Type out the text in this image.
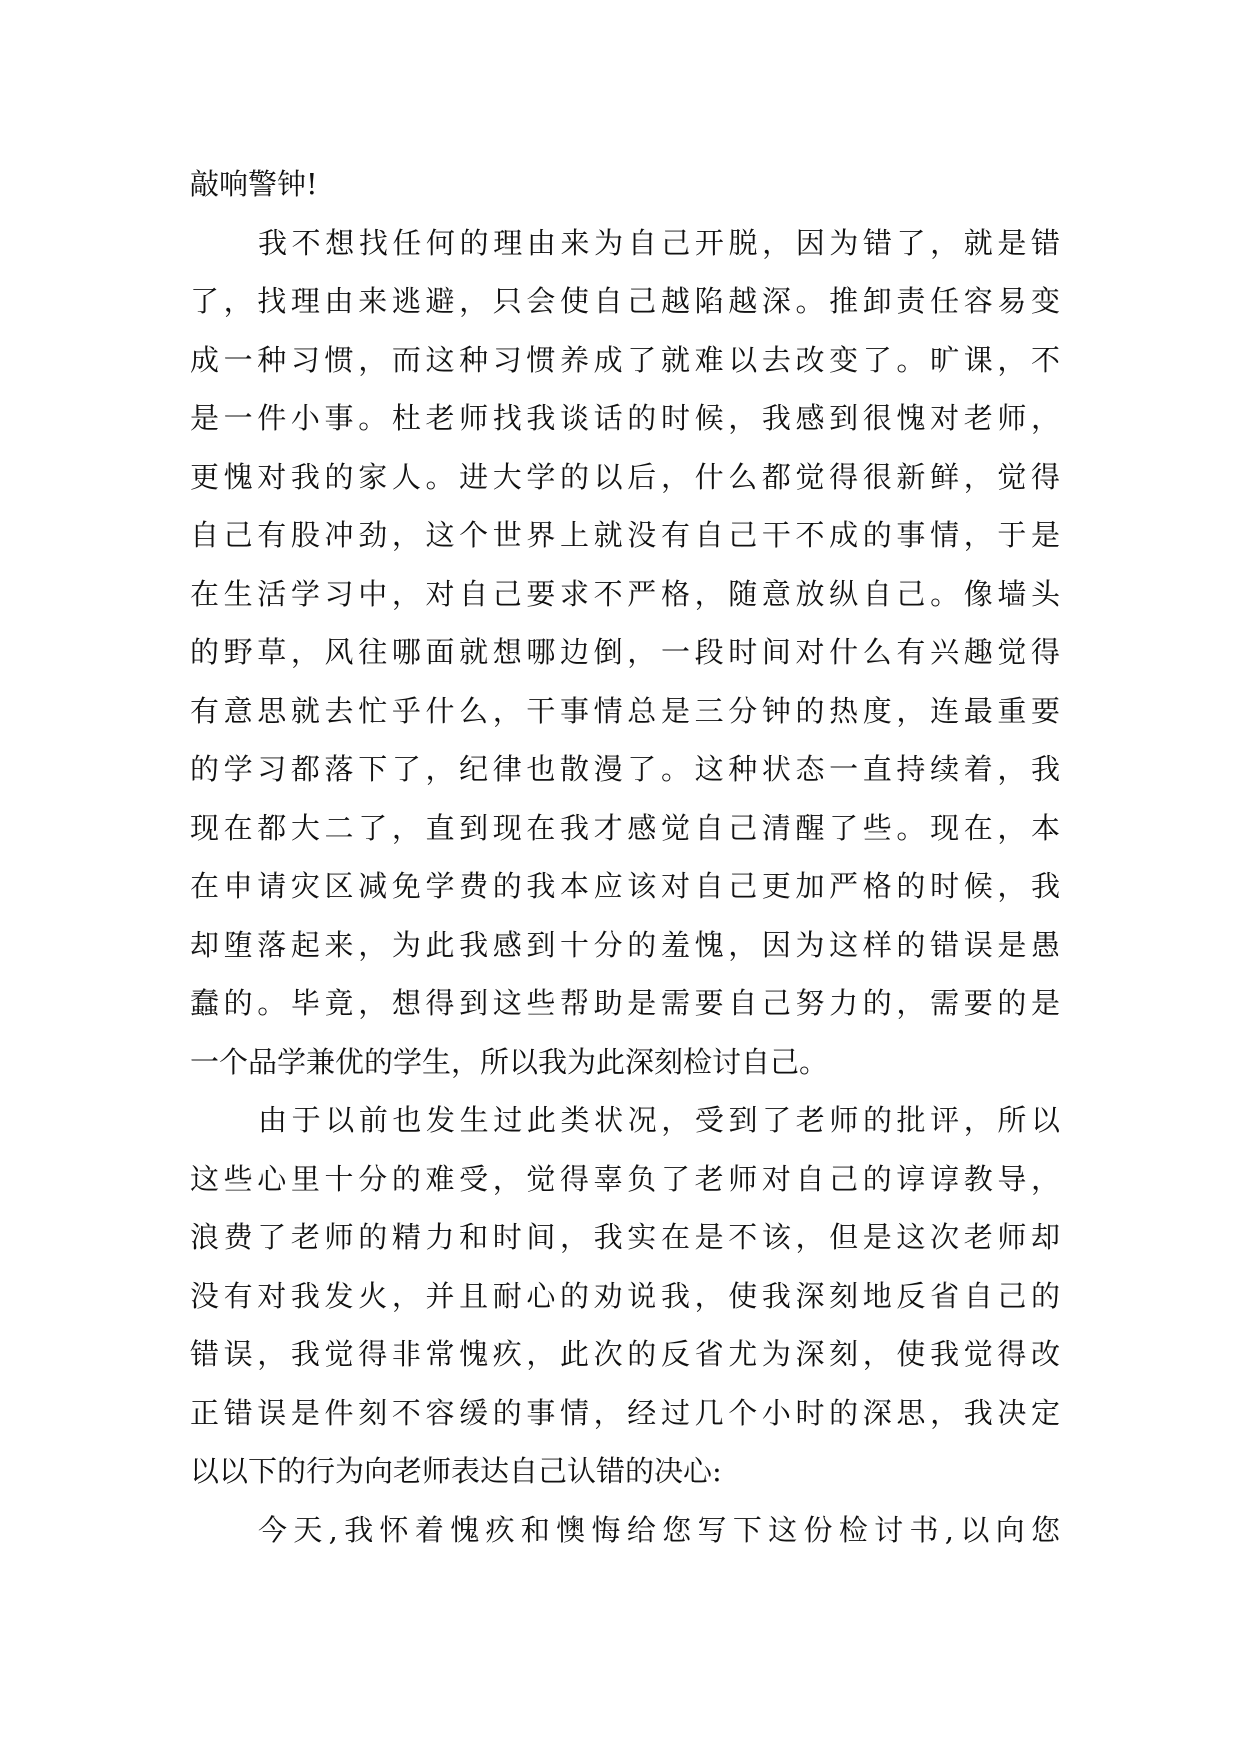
敲响警钟!
我不想找任何的理由来为自己开脱，因为错了，就是错
了，找理由来逃避，只会使自己越陷越深。推卸责任容易变
成一种习惯，而这种习惯养成了就难以去改变了。旷课，不
是一件小事。杜老师找我谈话的时候，我感到很愧对老师，
更愧对我的家人。进大学的以后，什么都觉得很新鲜，觉得
自己有股冲劲，这个世界上就没有自己干不成的事情，于是
在生活学习中，对自己要求不严格，随意放纵自己。像墙头
的野草，风往哪面就想哪边倒，一段时间对什么有兴趣觉得
有意思就去忙乎什么，干事情总是三分钟的热度，连最重要
的学习都落下了，纪律也散漫了。这种状态一直持续着，我
现在都大二了，直到现在我才感觉自己清醒了些。现在，本
在申请灾区减免学费的我本应该对自己更加严格的时候，我
却堕落起来，为此我感到十分的羞愧，因为这样的错误是愚
蠢的。毕竟，想得到这些帮助是需要自己努力的，需要的是
一个品学兼优的学生，所以我为此深刻检讨自己。
由于以前也发生过此类状况，受到了老师的批评，所以
这些心里十分的难受，觉得辜负了老师对自己的谆谆教导，
浪费了老师的精力和时间，我实在是不该，但是这次老师却
没有对我发火，并且耐心的劝说我，使我深刻地反省自己的
错误，我觉得非常愧疚，此次的反省尤为深刻，使我觉得改
正错误是件刻不容缓的事情，经过几个小时的深思，我决定
以以下的行为向老师表达自己认错的决心:
今天,我怀着愧疚和懊悔给您写下这份检讨书,以向您
